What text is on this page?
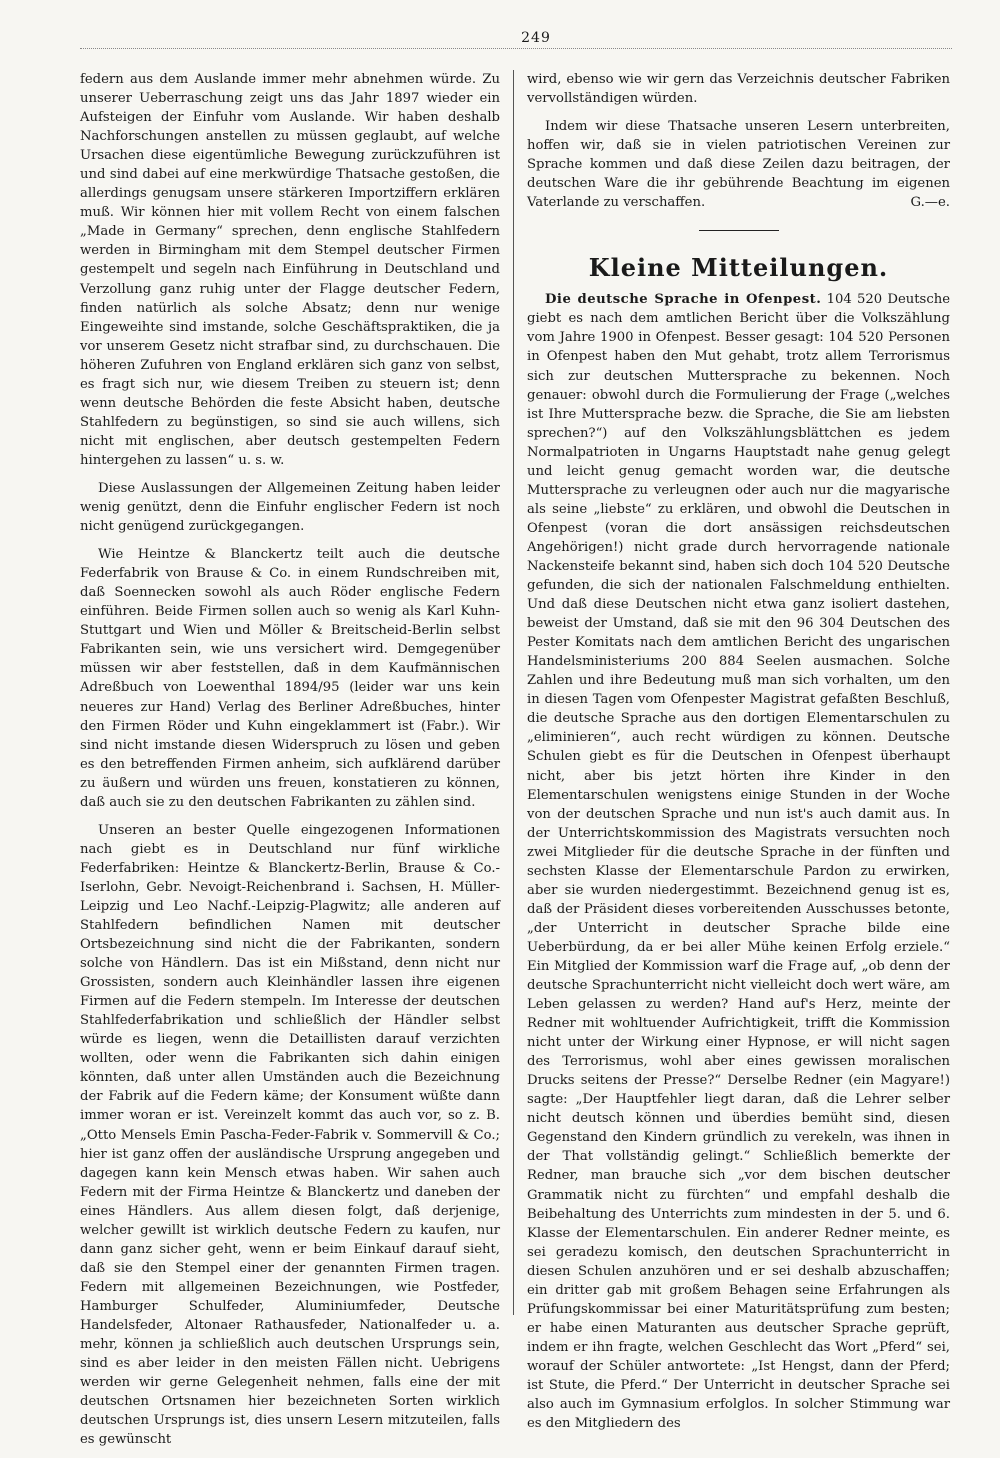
249

federn aus dem Auslande immer mehr abnehmen würde. Zu unserer Ueberraschung zeigt uns das Jahr 1897 wieder ein Aufsteigen der Einfuhr vom Auslande. Wir haben deshalb Nachforschungen anstellen zu müssen geglaubt, auf welche Ursachen diese eigentümliche Bewegung zurückzuführen ist und sind dabei auf eine merkwürdige Thatsache gestoßen, die allerdings genugsam unsere stärkeren Importziffern erklären muß. Wir können hier mit vollem Recht von einem falschen „Made in Germany“ sprechen, denn englische Stahlfedern werden in Birmingham mit dem Stempel deutscher Firmen gestempelt und segeln nach Einführung in Deutschland und Verzollung ganz ruhig unter der Flagge deutscher Federn, finden natürlich als solche Absatz; denn nur wenige Eingeweihte sind imstande, solche Geschäftspraktiken, die ja vor unserem Gesetz nicht strafbar sind, zu durchschauen. Die höheren Zufuhren von England erklären sich ganz von selbst, es fragt sich nur, wie diesem Treiben zu steuern ist; denn wenn deutsche Behörden die feste Absicht haben, deutsche Stahlfedern zu begünstigen, so sind sie auch willens, sich nicht mit englischen, aber deutsch gestempelten Federn hintergehen zu lassen“ u. s. w.

Diese Auslassungen der Allgemeinen Zeitung haben leider wenig genützt, denn die Einfuhr englischer Federn ist noch nicht genügend zurückgegangen.

Wie Heintze & Blanckertz teilt auch die deutsche Federfabrik von Brause & Co. in einem Rundschreiben mit, daß Soennecken sowohl als auch Röder englische Federn einführen. Beide Firmen sollen auch so wenig als Karl Kuhn-Stuttgart und Wien und Möller & Breitscheid-Berlin selbst Fabrikanten sein, wie uns versichert wird. Demgegenüber müssen wir aber feststellen, daß in dem Kaufmännischen Adreßbuch von Loewenthal 1894/95 (leider war uns kein neueres zur Hand) Verlag des Berliner Adreßbuches, hinter den Firmen Röder und Kuhn eingeklammert ist (Fabr.). Wir sind nicht imstande diesen Widerspruch zu lösen und geben es den betreffenden Firmen anheim, sich aufklärend darüber zu äußern und würden uns freuen, konstatieren zu können, daß auch sie zu den deutschen Fabrikanten zu zählen sind.

Unseren an bester Quelle eingezogenen Informationen nach giebt es in Deutschland nur fünf wirkliche Federfabriken: Heintze & Blanckertz-Berlin, Brause & Co.-Iserlohn, Gebr. Nevoigt-Reichenbrand i. Sachsen, H. Müller-Leipzig und Leo Nachf.-Leipzig-Plagwitz; alle anderen auf Stahlfedern befindlichen Namen mit deutscher Ortsbezeichnung sind nicht die der Fabrikanten, sondern solche von Händlern. Das ist ein Mißstand, denn nicht nur Grossisten, sondern auch Kleinhändler lassen ihre eigenen Firmen auf die Federn stempeln. Im Interesse der deutschen Stahlfederfabrikation und schließlich der Händler selbst würde es liegen, wenn die Detaillisten darauf verzichten wollten, oder wenn die Fabrikanten sich dahin einigen könnten, daß unter allen Umständen auch die Bezeichnung der Fabrik auf die Federn käme; der Konsument wüßte dann immer woran er ist. Vereinzelt kommt das auch vor, so z. B. „Otto Mensels Emin Pascha-Feder-Fabrik v. Sommervill & Co.; hier ist ganz offen der ausländische Ursprung angegeben und dagegen kann kein Mensch etwas haben. Wir sahen auch Federn mit der Firma Heintze & Blanckertz und daneben der eines Händlers. Aus allem diesen folgt, daß derjenige, welcher gewillt ist wirklich deutsche Federn zu kaufen, nur dann ganz sicher geht, wenn er beim Einkauf darauf sieht, daß sie den Stempel einer der genannten Firmen tragen. Federn mit allgemeinen Bezeichnungen, wie Postfeder, Hamburger Schulfeder, Aluminiumfeder, Deutsche Handelsfeder, Altonaer Rathausfeder, Nationalfeder u. a. mehr, können ja schließlich auch deutschen Ursprungs sein, sind es aber leider in den meisten Fällen nicht. Uebrigens werden wir gerne Gelegenheit nehmen, falls eine der mit deutschen Ortsnamen hier bezeichneten Sorten wirklich deutschen Ursprungs ist, dies unsern Lesern mitzuteilen, falls es gewünscht

wird, ebenso wie wir gern das Verzeichnis deutscher Fabriken vervollständigen würden.

Indem wir diese Thatsache unseren Lesern unterbreiten, hoffen wir, daß sie in vielen patriotischen Vereinen zur Sprache kommen und daß diese Zeilen dazu beitragen, der deutschen Ware die ihr gebührende Beachtung im eigenen Vaterlande zu verschaffen.	G.—e.

Kleine Mitteilungen.

Die deutsche Sprache in Ofenpest. 104 520 Deutsche giebt es nach dem amtlichen Bericht über die Volkszählung vom Jahre 1900 in Ofenpest. Besser gesagt: 104 520 Personen in Ofenpest haben den Mut gehabt, trotz allem Terrorismus sich zur deutschen Muttersprache zu bekennen. Noch genauer: obwohl durch die Formulierung der Frage („welches ist Ihre Muttersprache bezw. die Sprache, die Sie am liebsten sprechen?“) auf den Volkszählungsblättchen es jedem Normalpatrioten in Ungarns Hauptstadt nahe genug gelegt und leicht genug gemacht worden war, die deutsche Muttersprache zu verleugnen oder auch nur die magyarische als seine „liebste“ zu erklären, und obwohl die Deutschen in Ofenpest (voran die dort ansässigen reichsdeutschen Angehörigen!) nicht grade durch hervorragende nationale Nackensteife bekannt sind, haben sich doch 104 520 Deutsche gefunden, die sich der nationalen Falschmeldung enthielten. Und daß diese Deutschen nicht etwa ganz isoliert dastehen, beweist der Umstand, daß sie mit den 96 304 Deutschen des Pester Komitats nach dem amtlichen Bericht des ungarischen Handelsministeriums 200 884 Seelen ausmachen. Solche Zahlen und ihre Bedeutung muß man sich vorhalten, um den in diesen Tagen vom Ofenpester Magistrat gefaßten Beschluß, die deutsche Sprache aus den dortigen Elementarschulen zu „eliminieren“, auch recht würdigen zu können. Deutsche Schulen giebt es für die Deutschen in Ofenpest überhaupt nicht, aber bis jetzt hörten ihre Kinder in den Elementarschulen wenigstens einige Stunden in der Woche von der deutschen Sprache und nun ist's auch damit aus. In der Unterrichtskommission des Magistrats versuchten noch zwei Mitglieder für die deutsche Sprache in der fünften und sechsten Klasse der Elementarschule Pardon zu erwirken, aber sie wurden niedergestimmt. Bezeichnend genug ist es, daß der Präsident dieses vorbereitenden Ausschusses betonte, „der Unterricht in deutscher Sprache bilde eine Ueberbürdung, da er bei aller Mühe keinen Erfolg erziele.“ Ein Mitglied der Kommission warf die Frage auf, „ob denn der deutsche Sprachunterricht nicht vielleicht doch wert wäre, am Leben gelassen zu werden? Hand auf's Herz, meinte der Redner mit wohltuender Aufrichtigkeit, trifft die Kommission nicht unter der Wirkung einer Hypnose, er will nicht sagen des Terrorismus, wohl aber eines gewissen moralischen Drucks seitens der Presse?“ Derselbe Redner (ein Magyare!) sagte: „Der Hauptfehler liegt daran, daß die Lehrer selber nicht deutsch können und überdies bemüht sind, diesen Gegenstand den Kindern gründlich zu verekeln, was ihnen in der That vollständig gelingt.“ Schließlich bemerkte der Redner, man brauche sich „vor dem bischen deutscher Grammatik nicht zu fürchten“ und empfahl deshalb die Beibehaltung des Unterrichts zum mindesten in der 5. und 6. Klasse der Elementarschulen. Ein anderer Redner meinte, es sei geradezu komisch, den deutschen Sprachunterricht in diesen Schulen anzuhören und er sei deshalb abzuschaffen; ein dritter gab mit großem Behagen seine Erfahrungen als Prüfungskommissar bei einer Maturitätsprüfung zum besten; er habe einen Maturanten aus deutscher Sprache geprüft, indem er ihn fragte, welchen Geschlecht das Wort „Pferd“ sei, worauf der Schüler antwortete: „Ist Hengst, dann der Pferd; ist Stute, die Pferd.“ Der Unterricht in deutscher Sprache sei also auch im Gymnasium erfolglos. In solcher Stimmung war es den Mitgliedern des
